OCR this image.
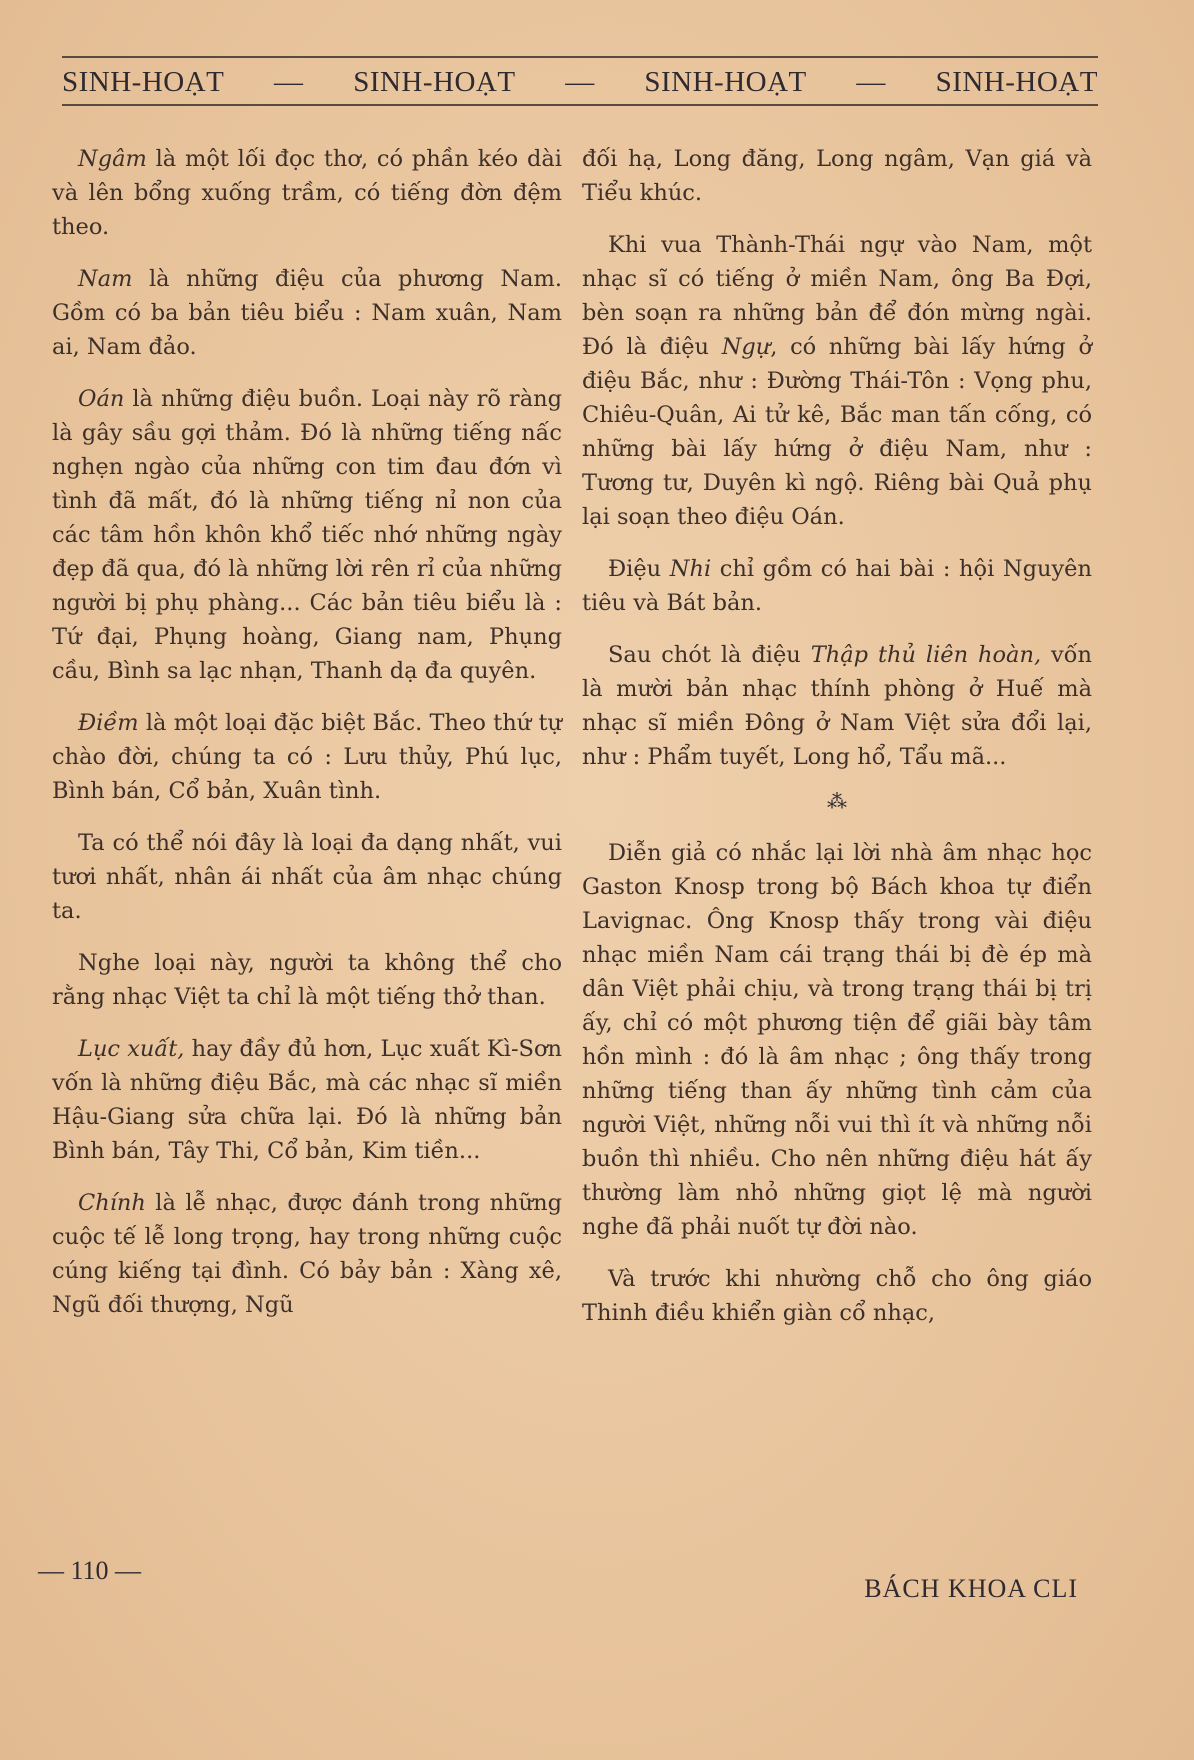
SINH-HOẠT — SINH-HOẠT — SINH-HOẠT — SINH-HOẠT

Ngâm là một lối đọc thơ, có phần kéo dài và lên bổng xuống trầm, có tiếng đờn đệm theo.

Nam là những điệu của phương Nam. Gồm có ba bản tiêu biểu : Nam xuân, Nam ai, Nam đảo.

Oán là những điệu buồn. Loại này rõ ràng là gây sầu gợi thảm. Đó là những tiếng nấc nghẹn ngào của những con tim đau đớn vì tình đã mất, đó là những tiếng nỉ non của các tâm hồn khôn khổ tiếc nhớ những ngày đẹp đã qua, đó là những lời rên rỉ của những người bị phụ phàng... Các bản tiêu biểu là : Tứ đại, Phụng hoàng, Giang nam, Phụng cầu, Bình sa lạc nhạn, Thanh dạ đa quyên.

Điềm là một loại đặc biệt Bắc. Theo thứ tự chào đời, chúng ta có : Lưu thủy, Phú lục, Bình bán, Cổ bản, Xuân tình.

Ta có thể nói đây là loại đa dạng nhất, vui tươi nhất, nhân ái nhất của âm nhạc chúng ta.

Nghe loại này, người ta không thể cho rằng nhạc Việt ta chỉ là một tiếng thở than.

Lục xuất, hay đầy đủ hơn, Lục xuất Kì-Sơn vốn là những điệu Bắc, mà các nhạc sĩ miền Hậu-Giang sửa chữa lại. Đó là những bản Bình bán, Tây Thi, Cổ bản, Kim tiền...

Chính là lễ nhạc, được đánh trong những cuộc tế lễ long trọng, hay trong những cuộc cúng kiếng tại đình. Có bảy bản : Xàng xê, Ngũ đối thượng, Ngũ

đối hạ, Long đăng, Long ngâm, Vạn giá và Tiểu khúc.

Khi vua Thành-Thái ngự vào Nam, một nhạc sĩ có tiếng ở miền Nam, ông Ba Đợi, bèn soạn ra những bản để đón mừng ngài. Đó là điệu Ngự, có những bài lấy hứng ở điệu Bắc, như : Đường Thái-Tôn : Vọng phu, Chiêu-Quân, Ai tử kê, Bắc man tấn cống, có những bài lấy hứng ở điệu Nam, như : Tương tư, Duyên kì ngộ. Riêng bài Quả phụ lại soạn theo điệu Oán.

Điệu Nhi chỉ gồm có hai bài : hội Nguyên tiêu và Bát bản.

Sau chót là điệu Thập thủ liên hoàn, vốn là mười bản nhạc thính phòng ở Huế mà nhạc sĩ miền Đông ở Nam Việt sửa đổi lại, như : Phẩm tuyết, Long hổ, Tẩu mã...

⁂

Diễn giả có nhắc lại lời nhà âm nhạc học Gaston Knosp trong bộ Bách khoa tự điển Lavignac. Ông Knosp thấy trong vài điệu nhạc miền Nam cái trạng thái bị đè ép mà dân Việt phải chịu, và trong trạng thái bị trị ấy, chỉ có một phương tiện để giãi bày tâm hồn mình : đó là âm nhạc ; ông thấy trong những tiếng than ấy những tình cảm của người Việt, những nỗi vui thì ít và những nỗi buồn thì nhiều. Cho nên những điệu hát ấy thường làm nhỏ những giọt lệ mà người nghe đã phải nuốt tự đời nào.

Và trước khi nhường chỗ cho ông giáo Thinh điều khiển giàn cổ nhạc,

— 110 —
BÁCH KHOA CLI
